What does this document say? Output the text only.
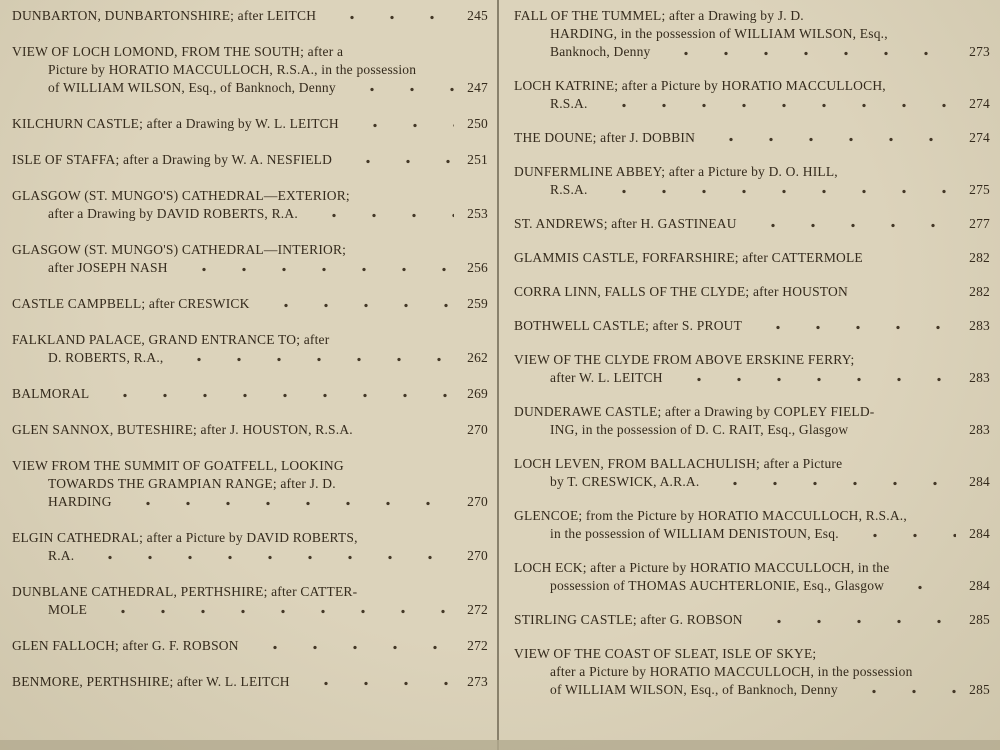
DUNBARTON, DUNBARTONSHIRE; after LEITCH	245
VIEW OF LOCH LOMOND, FROM THE SOUTH; after a
Picture by HORATIO MACCULLOCH, R.S.A., in the possession
of WILLIAM WILSON, Esq., of Banknoch, Denny	247
KILCHURN CASTLE; after a Drawing by W. L. LEITCH	250
ISLE OF STAFFA; after a Drawing by W. A. NESFIELD	251
GLASGOW (ST. MUNGO'S) CATHEDRAL—EXTERIOR;
after a Drawing by DAVID ROBERTS, R.A.	253
GLASGOW (ST. MUNGO'S) CATHEDRAL—INTERIOR;
after JOSEPH NASH	256
CASTLE CAMPBELL; after CRESWICK	259
FALKLAND PALACE, GRAND ENTRANCE TO; after
D. ROBERTS, R.A.,	262
BALMORAL	269
GLEN SANNOX, BUTESHIRE; after J. HOUSTON, R.S.A.	270
VIEW FROM THE SUMMIT OF GOATFELL, LOOKING
TOWARDS THE GRAMPIAN RANGE; after J. D.
HARDING	270
ELGIN CATHEDRAL; after a Picture by DAVID ROBERTS,
R.A.	270
DUNBLANE CATHEDRAL, PERTHSHIRE; after CATTER-
MOLE	272
GLEN FALLOCH; after G. F. ROBSON	272
BENMORE, PERTHSHIRE; after W. L. LEITCH	273
FALL OF THE TUMMEL; after a Drawing by J. D.
HARDING, in the possession of WILLIAM WILSON, Esq.,
Banknoch, Denny	273
LOCH KATRINE; after a Picture by HORATIO MACCULLOCH,
R.S.A.	274
THE DOUNE; after J. DOBBIN	274
DUNFERMLINE ABBEY; after a Picture by D. O. HILL,
R.S.A.	275
ST. ANDREWS; after H. GASTINEAU	277
GLAMMIS CASTLE, FORFARSHIRE; after CATTERMOLE	282
CORRA LINN, FALLS OF THE CLYDE; after HOUSTON	282
BOTHWELL CASTLE; after S. PROUT	283
VIEW OF THE CLYDE FROM ABOVE ERSKINE FERRY;
after W. L. LEITCH	283
DUNDERAWE CASTLE; after a Drawing by COPLEY FIELD-
ING, in the possession of D. C. RAIT, Esq., Glasgow	283
LOCH LEVEN, FROM BALLACHULISH; after a Picture
by T. CRESWICK, A.R.A.	284
GLENCOE; from the Picture by HORATIO MACCULLOCH, R.S.A.,
in the possession of WILLIAM DENISTOUN, Esq.	284
LOCH ECK; after a Picture by HORATIO MACCULLOCH, in the
possession of THOMAS AUCHTERLONIE, Esq., Glasgow	284
STIRLING CASTLE; after G. ROBSON	285
VIEW OF THE COAST OF SLEAT, ISLE OF SKYE;
after a Picture by HORATIO MACCULLOCH, in the possession
of WILLIAM WILSON, Esq., of Banknoch, Denny	285
